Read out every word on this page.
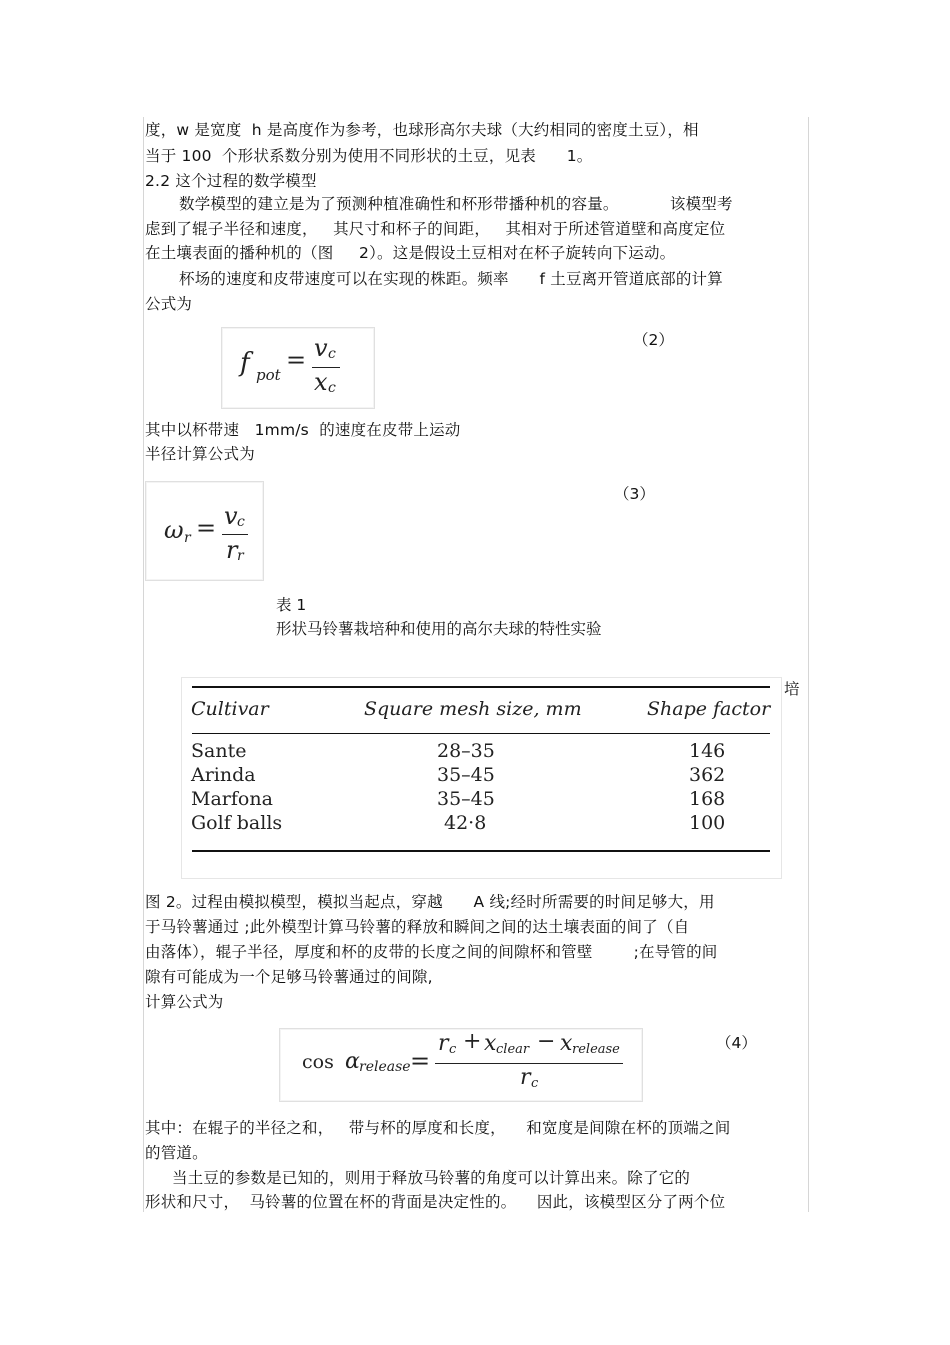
度，w 是宽度  h 是高度作为参考，也球形高尔夫球（大约相同的密度土豆），相
当于 100  个形状系数分别为使用不同形状的土豆，见表      1。
2.2 这个过程的数学模型
数学模型的建立是为了预测种植准确性和杯形带播种机的容量。          该模型考
虑到了辊子半径和速度，   其尺寸和杯子的间距，   其相对于所述管道壁和高度定位
在土壤表面的播种机的（图     2）。这是假设土豆相对在杯子旋转向下运动。
杯场的速度和皮带速度可以在实现的株距。频率      f 土豆离开管道底部的计算
公式为
f pot
= v c
x c
（2）
其中以杯带速   1mm/s  的速度在皮带上运动
半径计算公式为
ω r = v c
r r
（3）
表 1
形状马铃薯栽培种和使用的高尔夫球的特性实验
培
Cultivar	Square mesh size, mm	Shape factor
Sante	28–35	146
Arinda	35–45	362
Marfona	35–45	168
Golf balls	42·8	100
图 2。过程由模拟模型，模拟当起点，穿越      A 线;经时所需要的时间足够大，用
于马铃薯通过 ;此外模型计算马铃薯的释放和瞬间之间的达土壤表面的间了（自
由落体），辊子半径，厚度和杯的皮带的长度之间的间隙杯和管壁        ;在导管的间
隙有可能成为一个足够马铃薯通过的间隙,
计算公式为
cos α release =
r c + x clear − x release
r c
（4）
其中：在辊子的半径之和，   带与杯的厚度和长度，    和宽度是间隙在杯的顶端之间
的管道。
当土豆的参数是已知的，则用于释放马铃薯的角度可以计算出来。除了它的
形状和尺寸，  马铃薯的位置在杯的背面是决定性的。    因此，该模型区分了两个位
